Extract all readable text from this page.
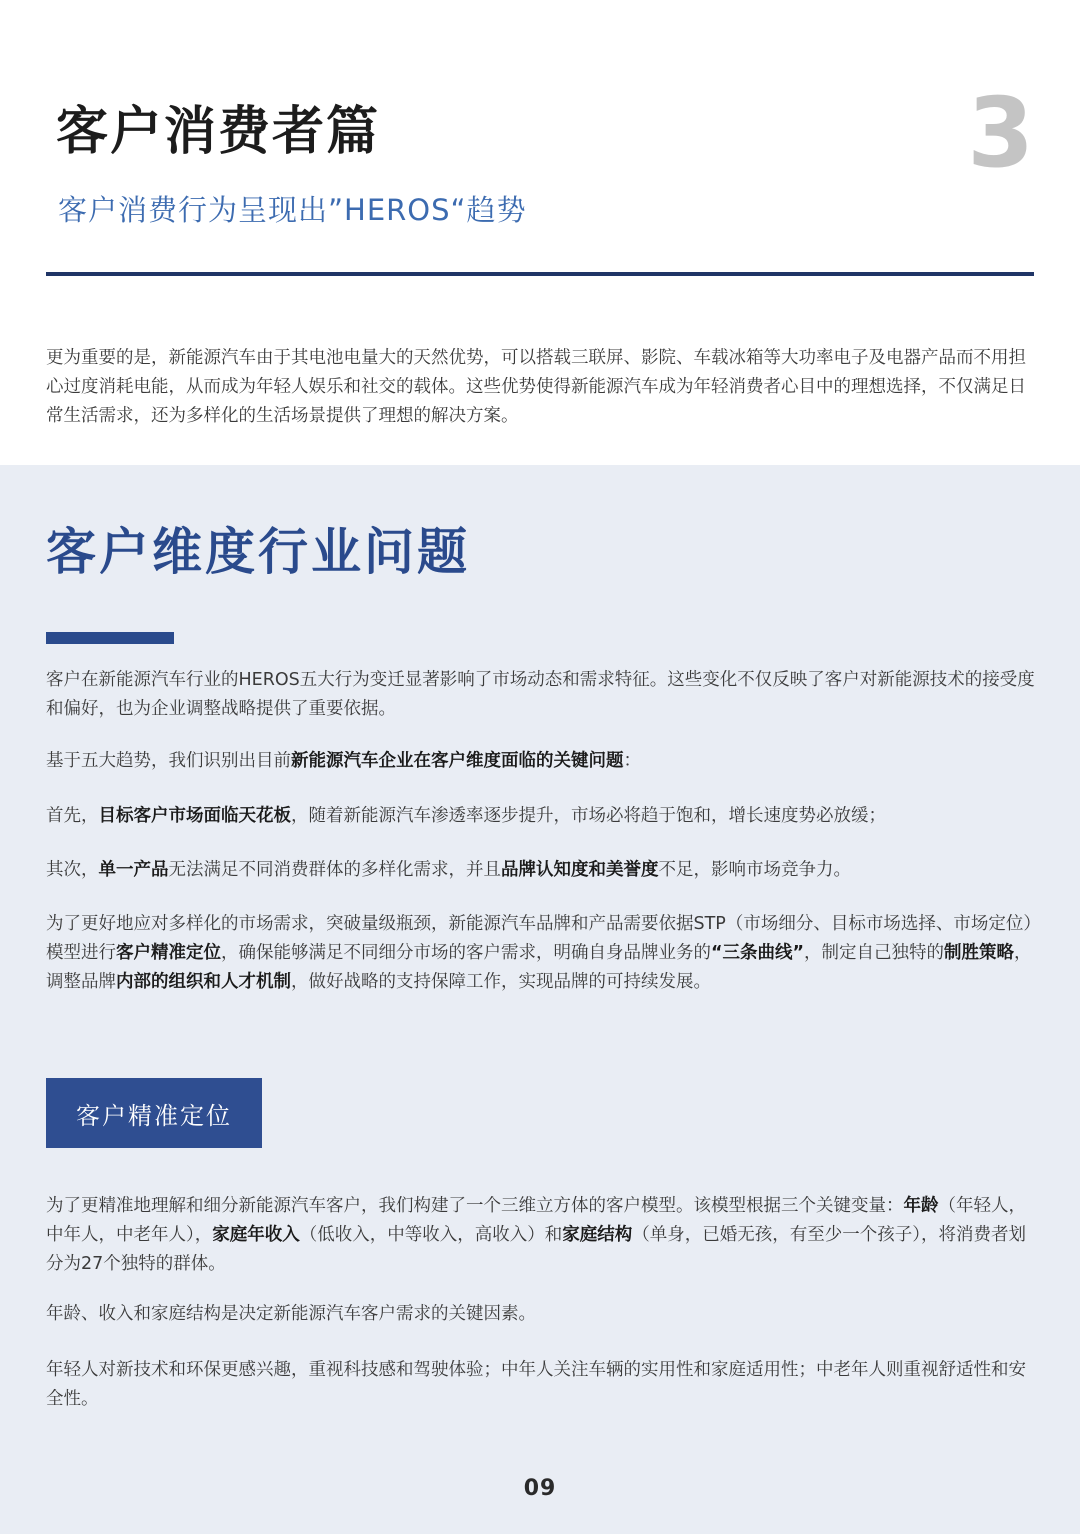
客户消费者篇	3
客户消费行为呈现出”HEROS“趋势

更为重要的是，新能源汽车由于其电池电量大的天然优势，可以搭载三联屏、影院、车载冰箱等大功率电子及电器产品而不用担心过度消耗电能，从而成为年轻人娱乐和社交的载体。这些优势使得新能源汽车成为年轻消费者心目中的理想选择，不仅满足日常生活需求，还为多样化的生活场景提供了理想的解决方案。

客户维度行业问题

客户在新能源汽车行业的HEROS五大行为变迁显著影响了市场动态和需求特征。这些变化不仅反映了客户对新能源技术的接受度和偏好，也为企业调整战略提供了重要依据。

基于五大趋势，我们识别出目前新能源汽车企业在客户维度面临的关键问题：

首先，目标客户市场面临天花板，随着新能源汽车渗透率逐步提升，市场必将趋于饱和，增长速度势必放缓；

其次，单一产品无法满足不同消费群体的多样化需求，并且品牌认知度和美誉度不足，影响市场竞争力。

为了更好地应对多样化的市场需求，突破量级瓶颈，新能源汽车品牌和产品需要依据STP（市场细分、目标市场选择、市场定位）模型进行客户精准定位，确保能够满足不同细分市场的客户需求，明确自身品牌业务的“三条曲线”，制定自己独特的制胜策略，调整品牌内部的组织和人才机制，做好战略的支持保障工作，实现品牌的可持续发展。

客户精准定位

为了更精准地理解和细分新能源汽车客户，我们构建了一个三维立方体的客户模型。该模型根据三个关键变量：年龄（年轻人，中年人，中老年人），家庭年收入（低收入，中等收入，高收入）和家庭结构（单身，已婚无孩，有至少一个孩子），将消费者划分为27个独特的群体。

年龄、收入和家庭结构是决定新能源汽车客户需求的关键因素。

年轻人对新技术和环保更感兴趣，重视科技感和驾驶体验；中年人关注车辆的实用性和家庭适用性；中老年人则重视舒适性和安全性。

09
